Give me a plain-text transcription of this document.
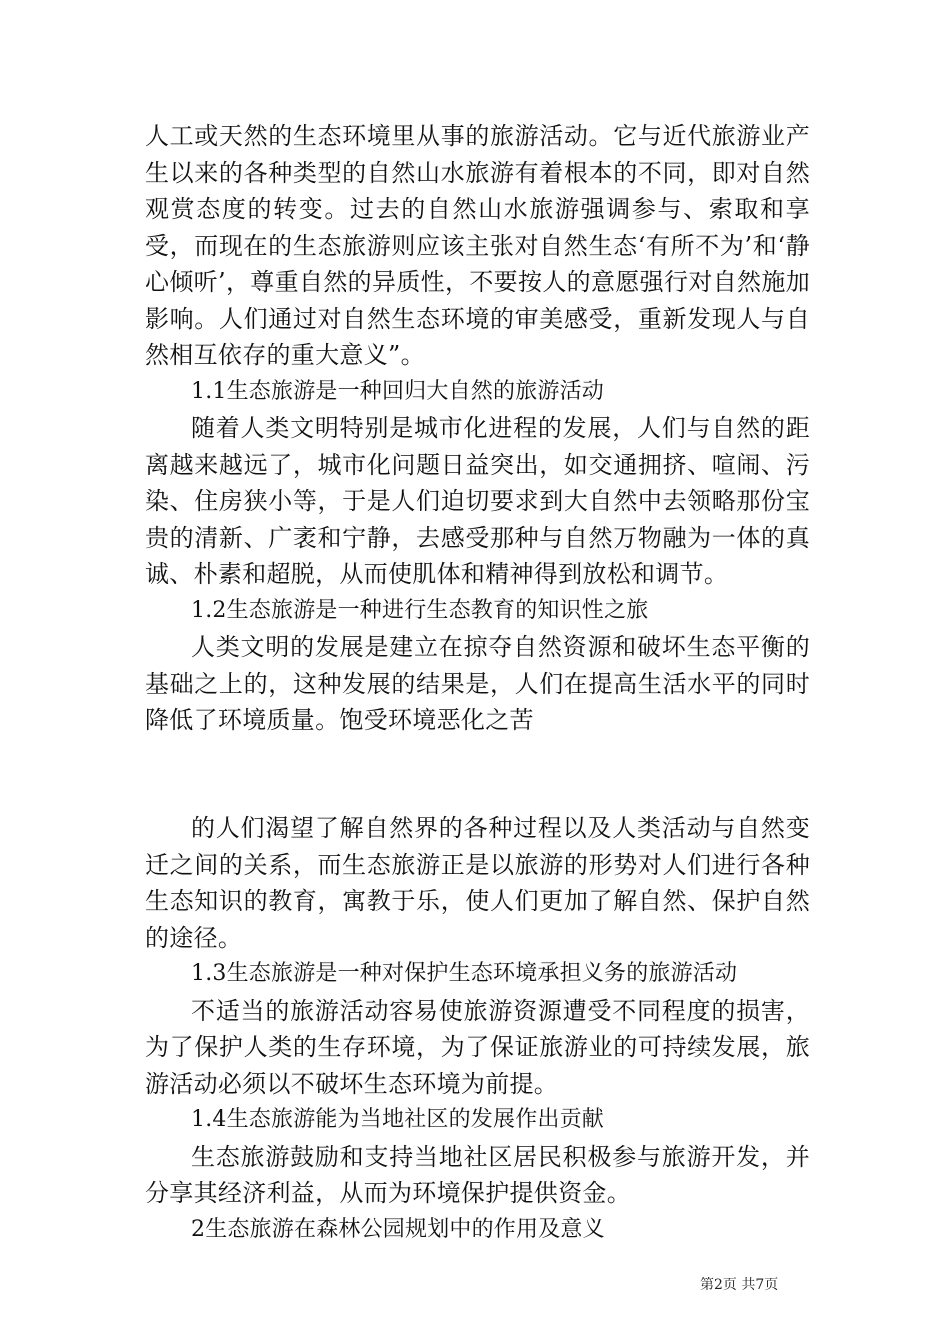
人工或天然的生态环境里从事的旅游活动。它与近代旅游业产生以来的各种类型的自然山水旅游有着根本的不同，即对自然观赏态度的转变。过去的自然山水旅游强调参与、索取和享受，而现在的生态旅游则应该主张对自然生态‘有所不为’和‘静心倾听’，尊重自然的异质性，不要按人的意愿强行对自然施加影响。人们通过对自然生态环境的审美感受，重新发现人与自然相互依存的重大意义”。

1.1生态旅游是一种回归大自然的旅游活动

随着人类文明特别是城市化进程的发展，人们与自然的距离越来越远了，城市化问题日益突出，如交通拥挤、喧闹、污染、住房狭小等，于是人们迫切要求到大自然中去领略那份宝贵的清新、广袤和宁静，去感受那种与自然万物融为一体的真诚、朴素和超脱，从而使肌体和精神得到放松和调节。

1.2生态旅游是一种进行生态教育的知识性之旅

人类文明的发展是建立在掠夺自然资源和破坏生态平衡的基础之上的，这种发展的结果是，人们在提高生活水平的同时降低了环境质量。饱受环境恶化之苦

的人们渴望了解自然界的各种过程以及人类活动与自然变迁之间的关系，而生态旅游正是以旅游的形势对人们进行各种生态知识的教育，寓教于乐，使人们更加了解自然、保护自然的途径。

1.3生态旅游是一种对保护生态环境承担义务的旅游活动

不适当的旅游活动容易使旅游资源遭受不同程度的损害，为了保护人类的生存环境，为了保证旅游业的可持续发展，旅游活动必须以不破坏生态环境为前提。

1.4生态旅游能为当地社区的发展作出贡献

生态旅游鼓励和支持当地社区居民积极参与旅游开发，并分享其经济利益，从而为环境保护提供资金。

2生态旅游在森林公园规划中的作用及意义

第2页 共7页
